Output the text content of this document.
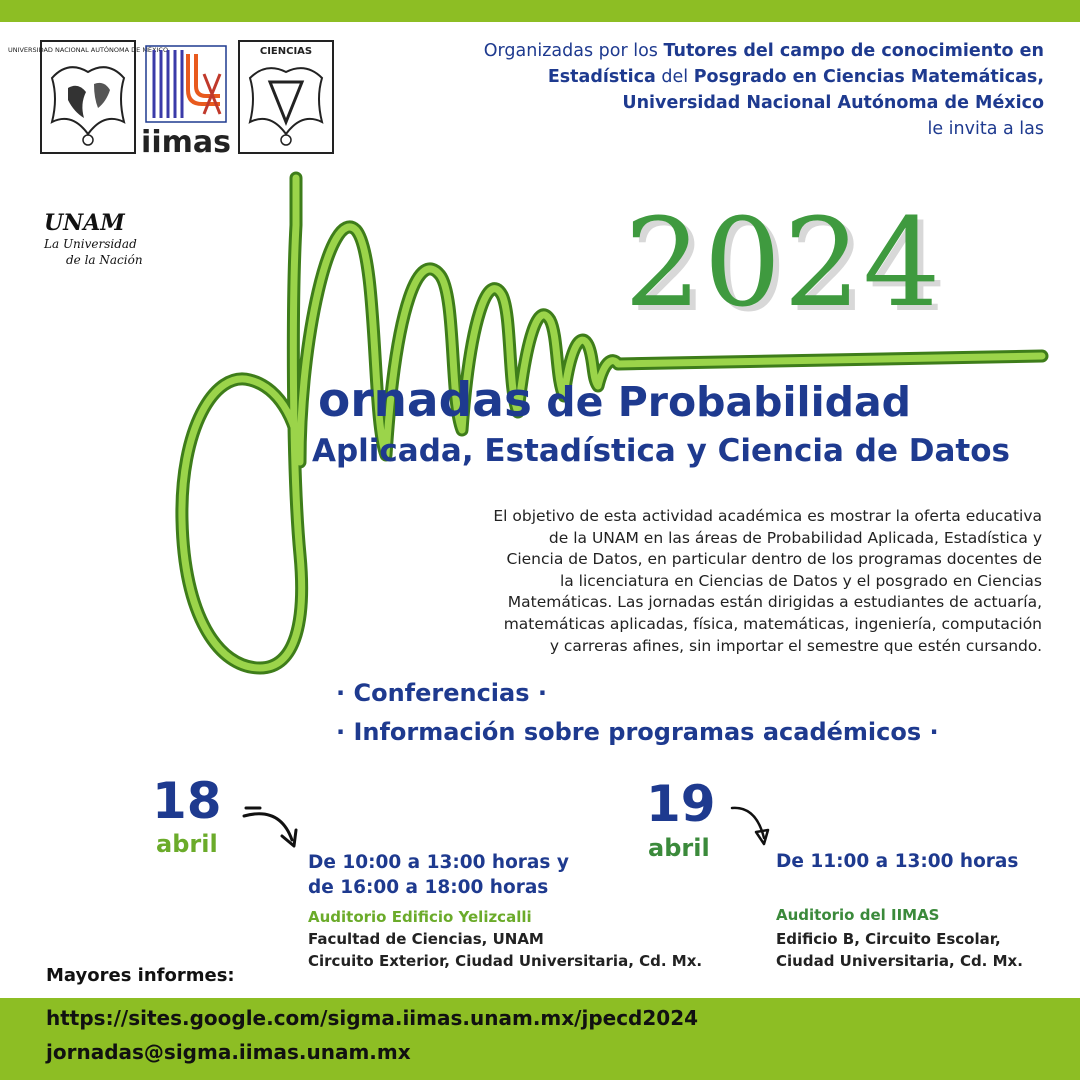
UNIVERSIDAD NACIONAL AUTÓNOMA DE MÉXICO
iimas
CIENCIAS	Organizadas por los Tutores del campo de conocimiento en
Estadística del Posgrado en Ciencias Matemáticas,
Universidad Nacional Autónoma de México
le invita a las
UNAM
La Universidad
de la Nación	2024
ornadas de Probabilidad
Aplicada, Estadística y Ciencia de Datos
El objetivo de esta actividad académica es mostrar la oferta educativa
de la UNAM en las áreas de Probabilidad Aplicada, Estadística y
Ciencia de Datos, en particular dentro de los programas docentes de
la licenciatura en Ciencias de Datos y el posgrado en Ciencias
Matemáticas. Las jornadas están dirigidas a estudiantes de actuaría,
matemáticas aplicadas, física, matemáticas, ingeniería, computación
y carreras afines, sin importar el semestre que estén cursando.
· Conferencias ·
· Información sobre programas académicos ·
18
abril
De 10:00 a 13:00 horas y
de 16:00 a 18:00 horas
Auditorio Edificio Yelizcalli
Facultad de Ciencias, UNAM
Circuito Exterior, Ciudad Universitaria, Cd. Mx.
19
abril	De 11:00 a 13:00 horas
Auditorio del IIMAS
Edificio B, Circuito Escolar,
Ciudad Universitaria, Cd. Mx.
Mayores informes:
https://sites.google.com/sigma.iimas.unam.mx/jpecd2024
jornadas@sigma.iimas.unam.mx
